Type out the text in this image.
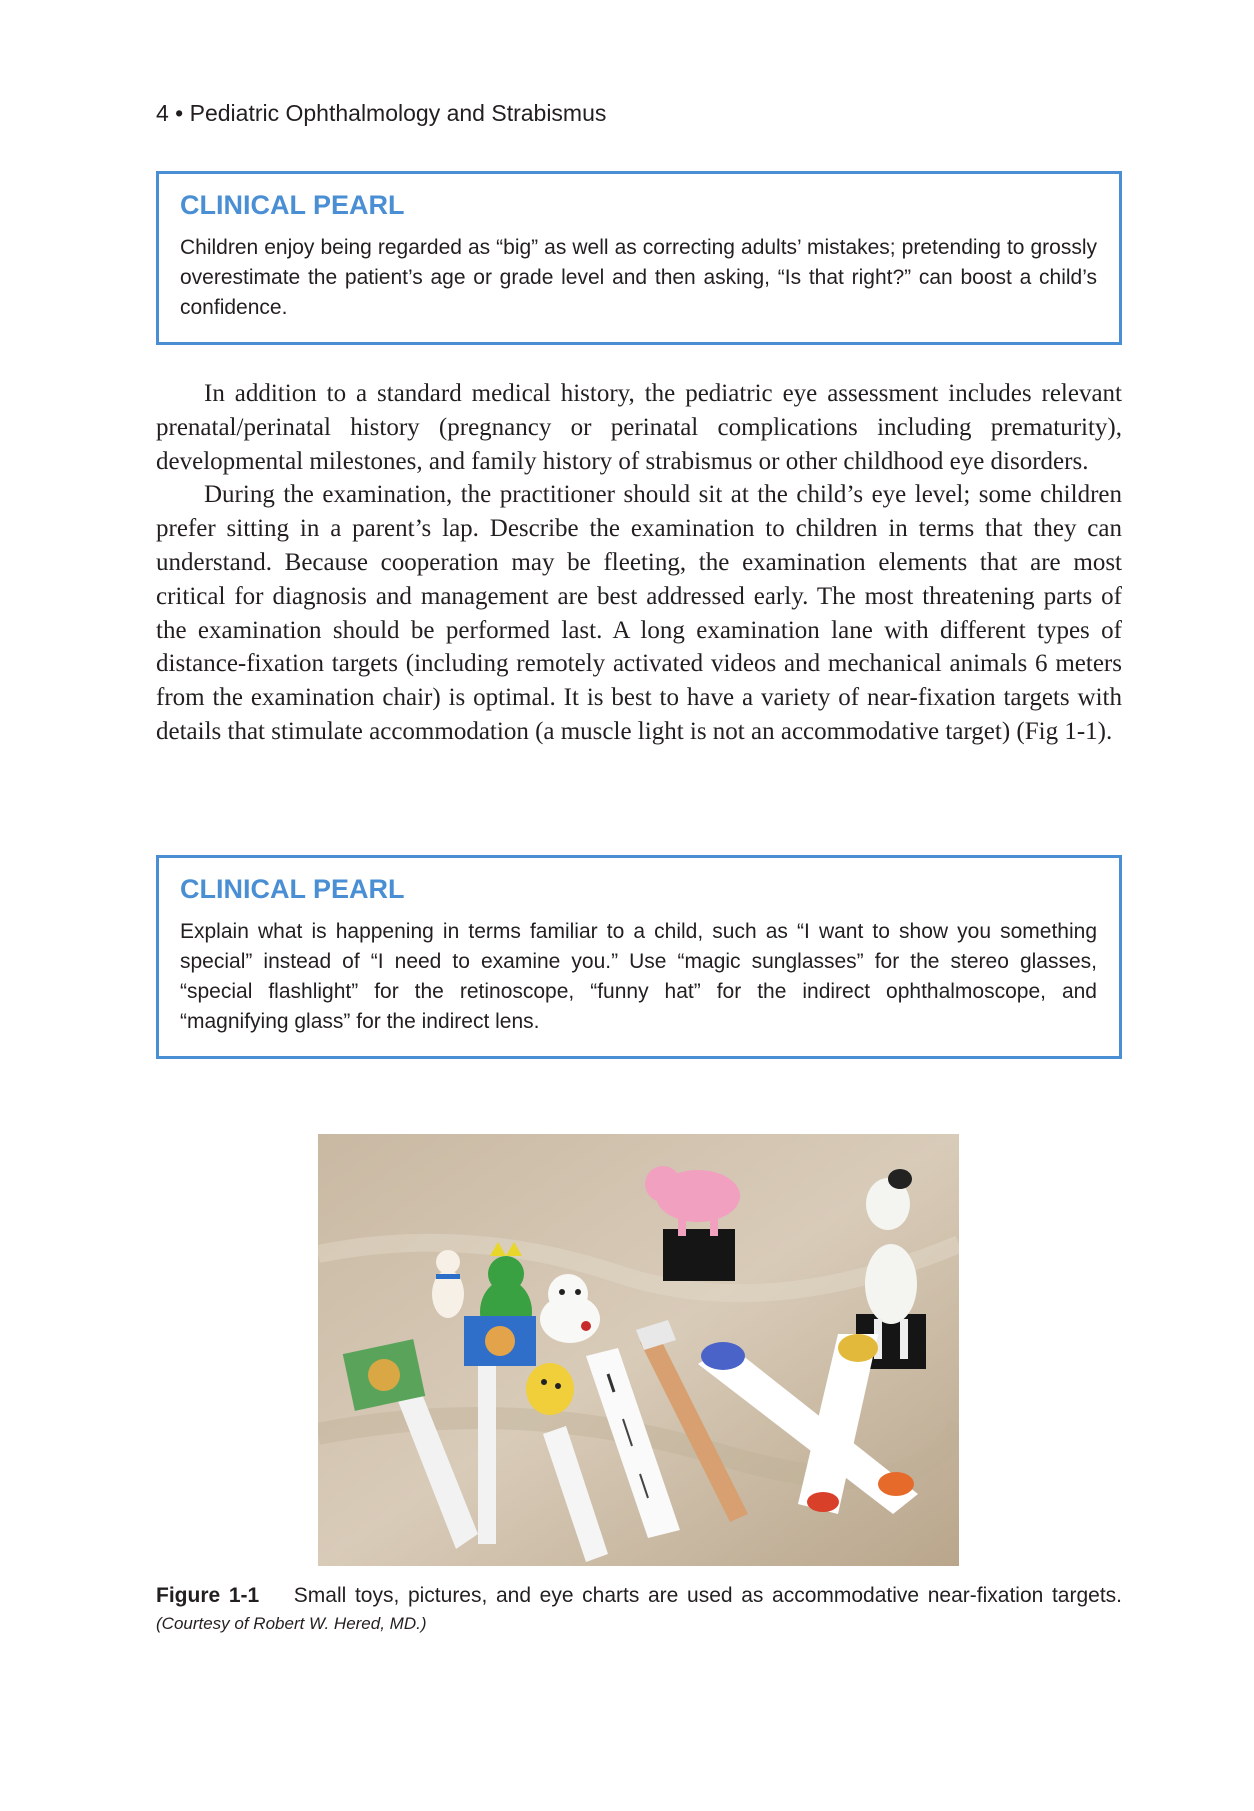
4 • Pediatric Ophthalmology and Strabismus
CLINICAL PEARL

Children enjoy being regarded as “big” as well as correcting adults’ mistakes; pretending to grossly overestimate the patient’s age or grade level and then asking, “Is that right?” can boost a child’s confidence.

In addition to a standard medical history, the pediatric eye assessment includes relevant prenatal/perinatal history (pregnancy or perinatal complications including prematurity), developmental milestones, and family history of strabismus or other childhood eye disorders.

During the examination, the practitioner should sit at the child’s eye level; some children prefer sitting in a parent’s lap. Describe the examination to children in terms that they can understand. Because cooperation may be fleeting, the examination elements that are most critical for diagnosis and management are best addressed early. The most threatening parts of the examination should be performed last. A long examination lane with different types of distance-fixation targets (including remotely activated videos and mechanical animals 6 meters from the examination chair) is optimal. It is best to have a variety of near-fixation targets with details that stimulate accommodation (a muscle light is not an accommodative target) (Fig 1-1).

CLINICAL PEARL

Explain what is happening in terms familiar to a child, such as “I want to show you something special” instead of “I need to examine you.” Use “magic sunglasses” for the stereo glasses, “special flashlight” for the retinoscope, “funny hat” for the indirect ophthalmoscope, and “magnifying glass” for the indirect lens.

Figure 1-1 Small toys, pictures, and eye charts are used as accommodative near-fixation targets. (Courtesy of Robert W. Hered, MD.)
